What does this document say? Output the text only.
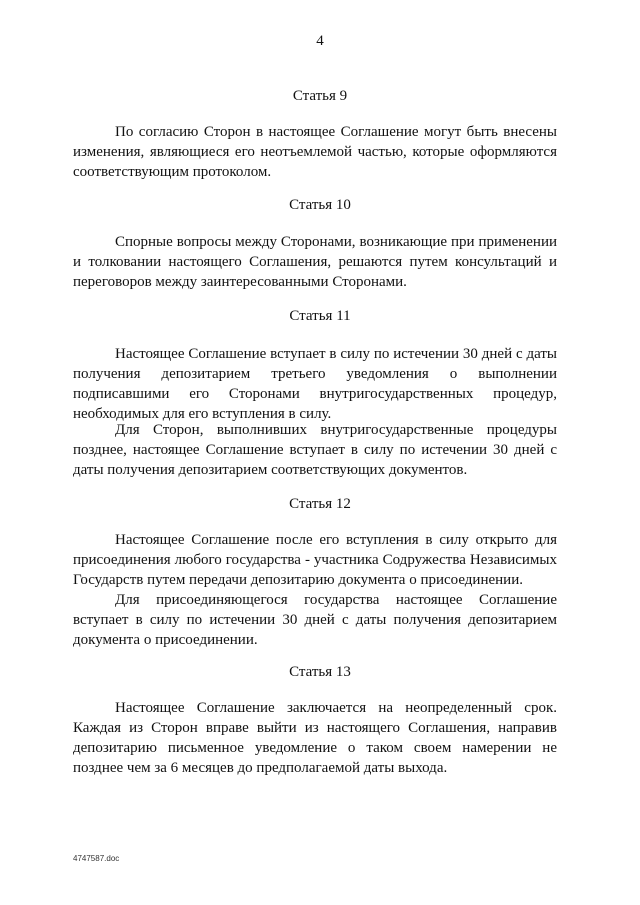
4
Статья 9

По согласию Сторон в настоящее Соглашение могут быть внесены изменения, являющиеся его неотъемлемой частью, которые оформляются соответствующим протоколом.

Статья 10

Спорные вопросы между Сторонами, возникающие при применении и толковании настоящего Соглашения, решаются путем консультаций и переговоров между заинтересованными Сторонами.

Статья 11

Настоящее Соглашение вступает в силу по истечении 30 дней с даты получения депозитарием третьего уведомления о выполнении подписавшими его Сторонами внутригосударственных процедур, необходимых для его вступления в силу.

Для Сторон, выполнивших внутригосударственные процедуры позднее, настоящее Соглашение вступает в силу по истечении 30 дней с даты получения депозитарием соответствующих документов.

Статья 12

Настоящее Соглашение после его вступления в силу открыто для присоединения любого государства - участника Содружества Независимых Государств путем передачи депозитарию документа о присоединении.

Для присоединяющегося государства настоящее Соглашение вступает в силу по истечении 30 дней с даты получения депозитарием документа о присоединении.

Статья 13

Настоящее Соглашение заключается на неопределенный срок. Каждая из Сторон вправе выйти из настоящего Соглашения, направив депозитарию письменное уведомление о таком своем намерении не позднее чем за 6 месяцев до предполагаемой даты выхода.

4747587.doc
